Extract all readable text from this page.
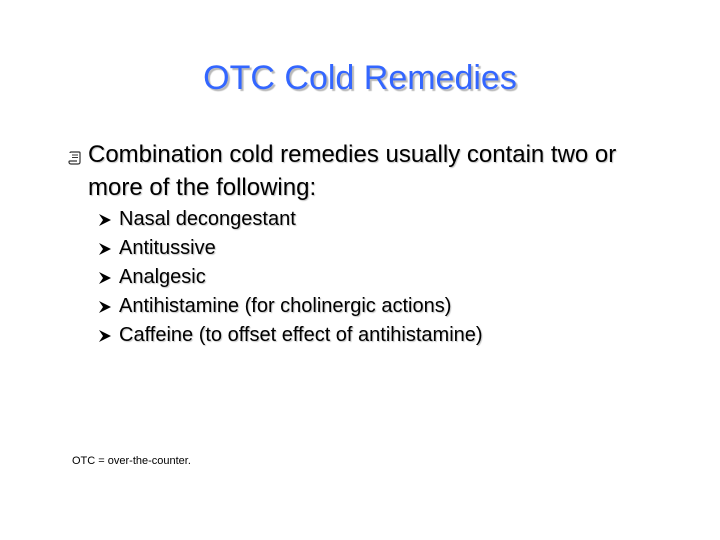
OTC Cold Remedies
Combination cold remedies usually contain two or more of the following:
Nasal decongestant
Antitussive
Analgesic
Antihistamine (for cholinergic actions)
Caffeine (to offset effect of antihistamine)
OTC = over-the-counter.
